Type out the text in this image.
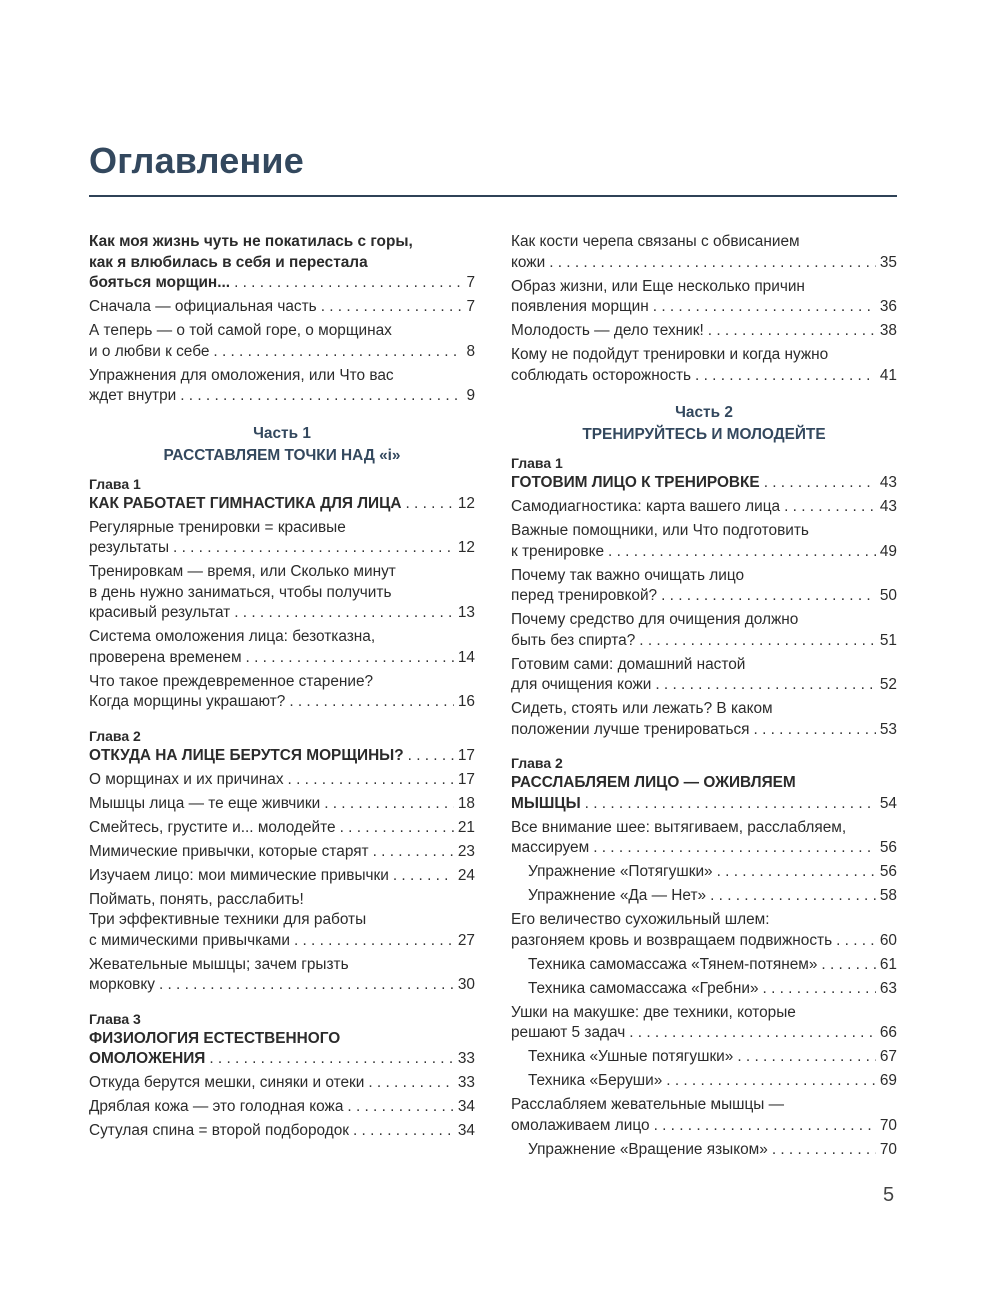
Оглавление
Как моя жизнь чуть не покатилась с горы,
как я влюбилась в себя и перестала
бояться морщин... . . .	7
Сначала — официальная часть . . .	7
А теперь — о той самой горе, о морщинах
и о любви к себе . . .	8
Упражнения для омоложения, или Что вас
ждет внутри . . .	9
Часть 1
РАССТАВЛЯЕМ ТОЧКИ НАД «i»
Глава 1
КАК РАБОТАЕТ ГИМНАСТИКА ДЛЯ ЛИЦА . . .	12
Регулярные тренировки = красивые
результаты . . .	12
Тренировкам — время, или Сколько минут
в день нужно заниматься, чтобы получить
красивый результат . . .	13
Система омоложения лица: безотказна,
проверена временем . . .	14
Что такое преждевременное старение?
Когда морщины украшают? . . .	16
Глава 2
ОТКУДА НА ЛИЦЕ БЕРУТСЯ МОРЩИНЫ? . . .	17
О морщинах и их причинах . . .	17
Мышцы лица — те еще живчики . . .	18
Смейтесь, грустите и... молодейте . . .	21
Мимические привычки, которые старят . . .	23
Изучаем лицо: мои мимические привычки . . .	24
Поймать, понять, расслабить!
Три эффективные техники для работы
с мимическими привычками . . .	27
Жевательные мышцы; зачем грызть
морковку . . .	30
Глава 3
ФИЗИОЛОГИЯ ЕСТЕСТВЕННОГО
ОМОЛОЖЕНИЯ . . .	33
Откуда берутся мешки, синяки и отеки . . .	33
Дряблая кожа — это голодная кожа . . .	34
Сутулая спина = второй подбородок . . .	34
Как кости черепа связаны с обвисанием
кожи . . .	35
Образ жизни, или Еще несколько причин
появления морщин . . .	36
Молодость — дело техник! . . .	38
Кому не подойдут тренировки и когда нужно
соблюдать осторожность . . .	41
Часть 2
ТРЕНИРУЙТЕСЬ И МОЛОДЕЙТЕ
Глава 1
ГОТОВИМ ЛИЦО К ТРЕНИРОВКЕ . . .	43
Самодиагностика: карта вашего лица . . .	43
Важные помощники, или Что подготовить
к тренировке . . .	49
Почему так важно очищать лицо
перед тренировкой? . . .	50
Почему средство для очищения должно
быть без спирта? . . .	51
Готовим сами: домашний настой
для очищения кожи . . .	52
Сидеть, стоять или лежать? В каком
положении лучше тренироваться . . .	53
Глава 2
РАССЛАБЛЯЕМ ЛИЦО — ОЖИВЛЯЕМ
МЫШЦЫ . . .	54
Все внимание шее: вытягиваем, расслабляем,
массируем . . .	56
Упражнение «Потягушки» . . .	56
Упражнение «Да — Нет» . . .	58
Его величество сухожильный шлем:
разгоняем кровь и возвращаем подвижность . . .	60
Техника самомассажа «Тянем-потянем» . . .	61
Техника самомассажа «Гребни» . . .	63
Ушки на макушке: две техники, которые
решают 5 задач . . .	66
Техника «Ушные потягушки» . . .	67
Техника «Беруши» . . .	69
Расслабляем жевательные мышцы —
омолаживаем лицо . . .	70
Упражнение «Вращение языком» . . .	70
5
